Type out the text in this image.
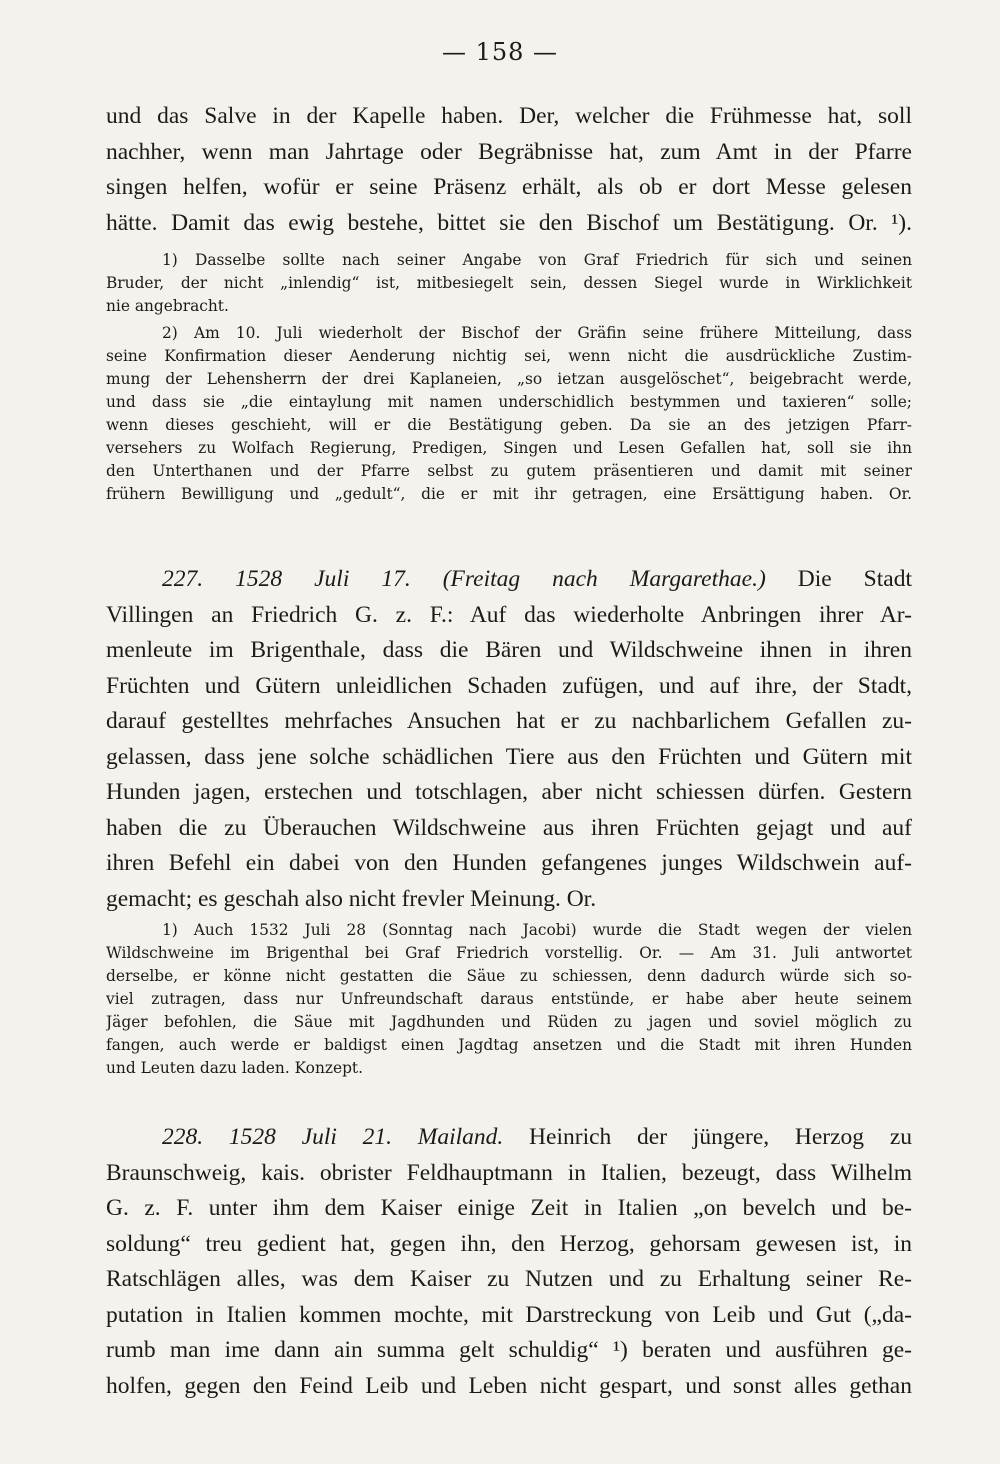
— 158 —
und das Salve in der Kapelle haben. Der, welcher die Frühmesse hat, soll
nachher, wenn man Jahrtage oder Begräbnisse hat, zum Amt in der Pfarre
singen helfen, wofür er seine Präsenz erhält, als ob er dort Messe gelesen
hätte. Damit das ewig bestehe, bittet sie den Bischof um Bestätigung. Or. ¹).
1) Dasselbe sollte nach seiner Angabe von Graf Friedrich für sich und seinen
Bruder, der nicht „inlendig“ ist, mitbesiegelt sein, dessen Siegel wurde in Wirklichkeit
nie angebracht.
2) Am 10. Juli wiederholt der Bischof der Gräfin seine frühere Mitteilung, dass
seine Konfirmation dieser Aenderung nichtig sei, wenn nicht die ausdrückliche Zustim-
mung der Lehensherrn der drei Kaplaneien, „so ietzan ausgelöschet“, beigebracht werde,
und dass sie „die eintaylung mit namen underschidlich bestymmen und taxieren“ solle;
wenn dieses geschieht, will er die Bestätigung geben. Da sie an des jetzigen Pfarr-
versehers zu Wolfach Regierung, Predigen, Singen und Lesen Gefallen hat, soll sie ihn
den Unterthanen und der Pfarre selbst zu gutem präsentieren und damit mit seiner
frühern Bewilligung und „gedult“, die er mit ihr getragen, eine Ersättigung haben. Or.
227. 1528 Juli 17. (Freitag nach Margarethae.) Die Stadt
Villingen an Friedrich G. z. F.: Auf das wiederholte Anbringen ihrer Ar-
menleute im Brigenthale, dass die Bären und Wildschweine ihnen in ihren
Früchten und Gütern unleidlichen Schaden zufügen, und auf ihre, der Stadt,
darauf gestelltes mehrfaches Ansuchen hat er zu nachbarlichem Gefallen zu-
gelassen, dass jene solche schädlichen Tiere aus den Früchten und Gütern mit
Hunden jagen, erstechen und totschlagen, aber nicht schiessen dürfen. Gestern
haben die zu Überauchen Wildschweine aus ihren Früchten gejagt und auf
ihren Befehl ein dabei von den Hunden gefangenes junges Wildschwein auf-
gemacht; es geschah also nicht frevler Meinung. Or.
1) Auch 1532 Juli 28 (Sonntag nach Jacobi) wurde die Stadt wegen der vielen
Wildschweine im Brigenthal bei Graf Friedrich vorstellig. Or. — Am 31. Juli antwortet
derselbe, er könne nicht gestatten die Säue zu schiessen, denn dadurch würde sich so-
viel zutragen, dass nur Unfreundschaft daraus entstünde, er habe aber heute seinem
Jäger befohlen, die Säue mit Jagdhunden und Rüden zu jagen und soviel möglich zu
fangen, auch werde er baldigst einen Jagdtag ansetzen und die Stadt mit ihren Hunden
und Leuten dazu laden. Konzept.
228. 1528 Juli 21. Mailand. Heinrich der jüngere, Herzog zu
Braunschweig, kais. obrister Feldhauptmann in Italien, bezeugt, dass Wilhelm
G. z. F. unter ihm dem Kaiser einige Zeit in Italien „on bevelch und be-
soldung“ treu gedient hat, gegen ihn, den Herzog, gehorsam gewesen ist, in
Ratschlägen alles, was dem Kaiser zu Nutzen und zu Erhaltung seiner Re-
putation in Italien kommen mochte, mit Darstreckung von Leib und Gut („da-
rumb man ime dann ain summa gelt schuldig“ ¹) beraten und ausführen ge-
holfen, gegen den Feind Leib und Leben nicht gespart, und sonst alles gethan
